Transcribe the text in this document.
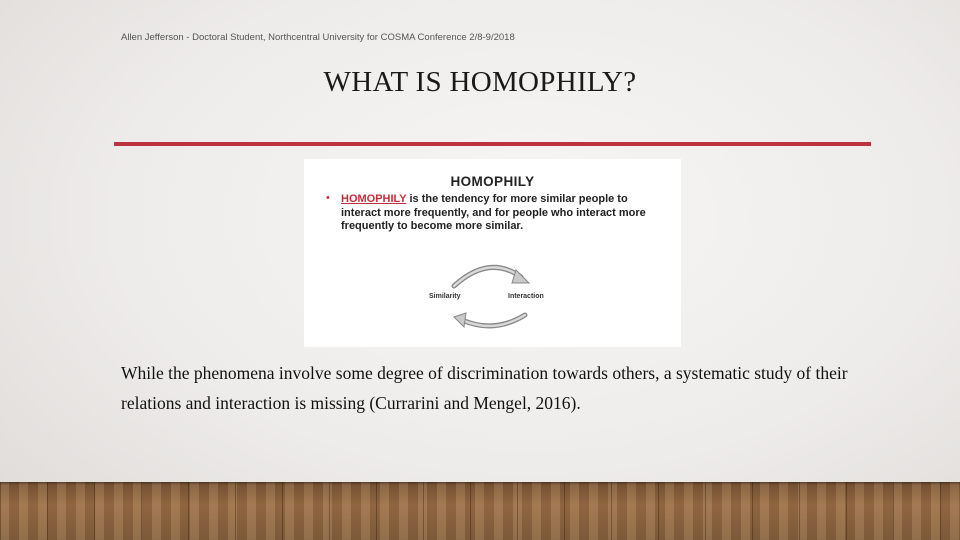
Allen Jefferson - Doctoral Student, Northcentral University for COSMA Conference 2/8-9/2018
WHAT IS HOMOPHILY?
HOMOPHILY
• HOMOPHILY is the tendency for more similar people to interact more frequently, and for people who interact more frequently to become more similar.
Similarity	Interaction
While the phenomena involve some degree of discrimination towards others, a systematic study of their relations and interaction is missing (Currarini and Mengel, 2016).
